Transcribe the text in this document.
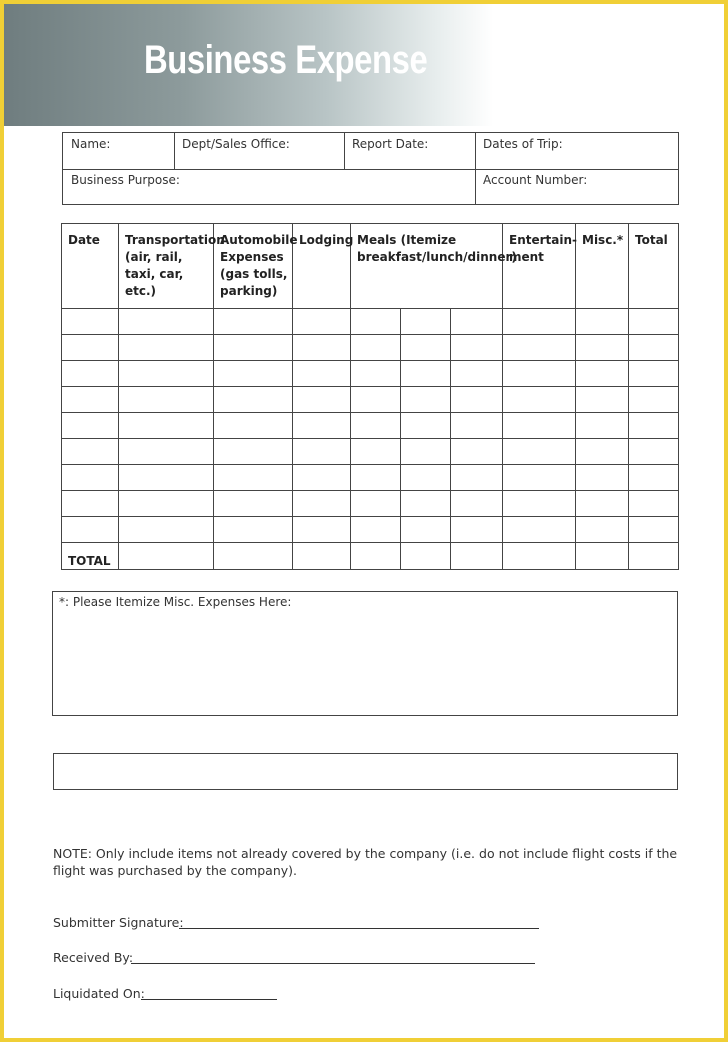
Business Expense
Name:	Dept/Sales Office:	Report Date:	Dates of Trip:
Business Purpose:	Account Number:
Date	Transportation (air, rail, taxi, car, etc.)	Automobile Expenses (gas tolls, parking)	Lodging	Meals (Itemize breakfast/lunch/dinner)			Entertain-ment	Misc.*	Total

TOTAL									
*: Please Itemize Misc. Expenses Here:
NOTE: Only include items not already covered by the company (i.e. do not include flight costs if the flight was purchased by the company).
Submitter Signature:
Received By:
Liquidated On:
